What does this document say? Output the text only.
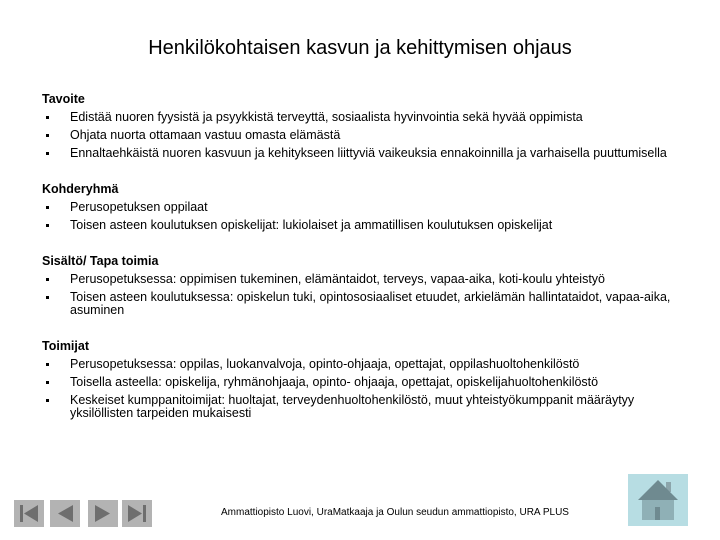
Henkilökohtaisen kasvun ja kehittymisen ohjaus
Tavoite
Edistää nuoren fyysistä ja psyykkistä terveyttä, sosiaalista hyvinvointia sekä hyvää oppimista
Ohjata nuorta ottamaan vastuu omasta elämästä
Ennaltaehkäistä nuoren kasvuun ja kehitykseen liittyviä vaikeuksia ennakoinnilla ja varhaisella puuttumisella
Kohderyhmä
Perusopetuksen oppilaat
Toisen asteen koulutuksen opiskelijat: lukiolaiset ja ammatillisen koulutuksen opiskelijat
Sisältö/ Tapa toimia
Perusopetuksessa: oppimisen tukeminen, elämäntaidot, terveys, vapaa-aika, koti-koulu yhteistyö
Toisen asteen koulutuksessa: opiskelun tuki, opintososiaaliset etuudet, arkielämän hallintataidot, vapaa-aika, asuminen
Toimijat
Perusopetuksessa: oppilas, luokanvalvoja, opinto-ohjaaja, opettajat, oppilashuoltohenkilöstö
Toisella asteella: opiskelija, ryhmänohjaaja, opinto- ohjaaja, opettajat, opiskelijahuoltohenkilöstö
Keskeiset kumppanitoimijat: huoltajat, terveydenhuoltohenkilöstö, muut yhteistyökumppanit määräytyy yksilöllisten tarpeiden mukaisesti
Ammattiopisto Luovi, UraMatkaaja ja Oulun seudun ammattiopisto, URA PLUS
